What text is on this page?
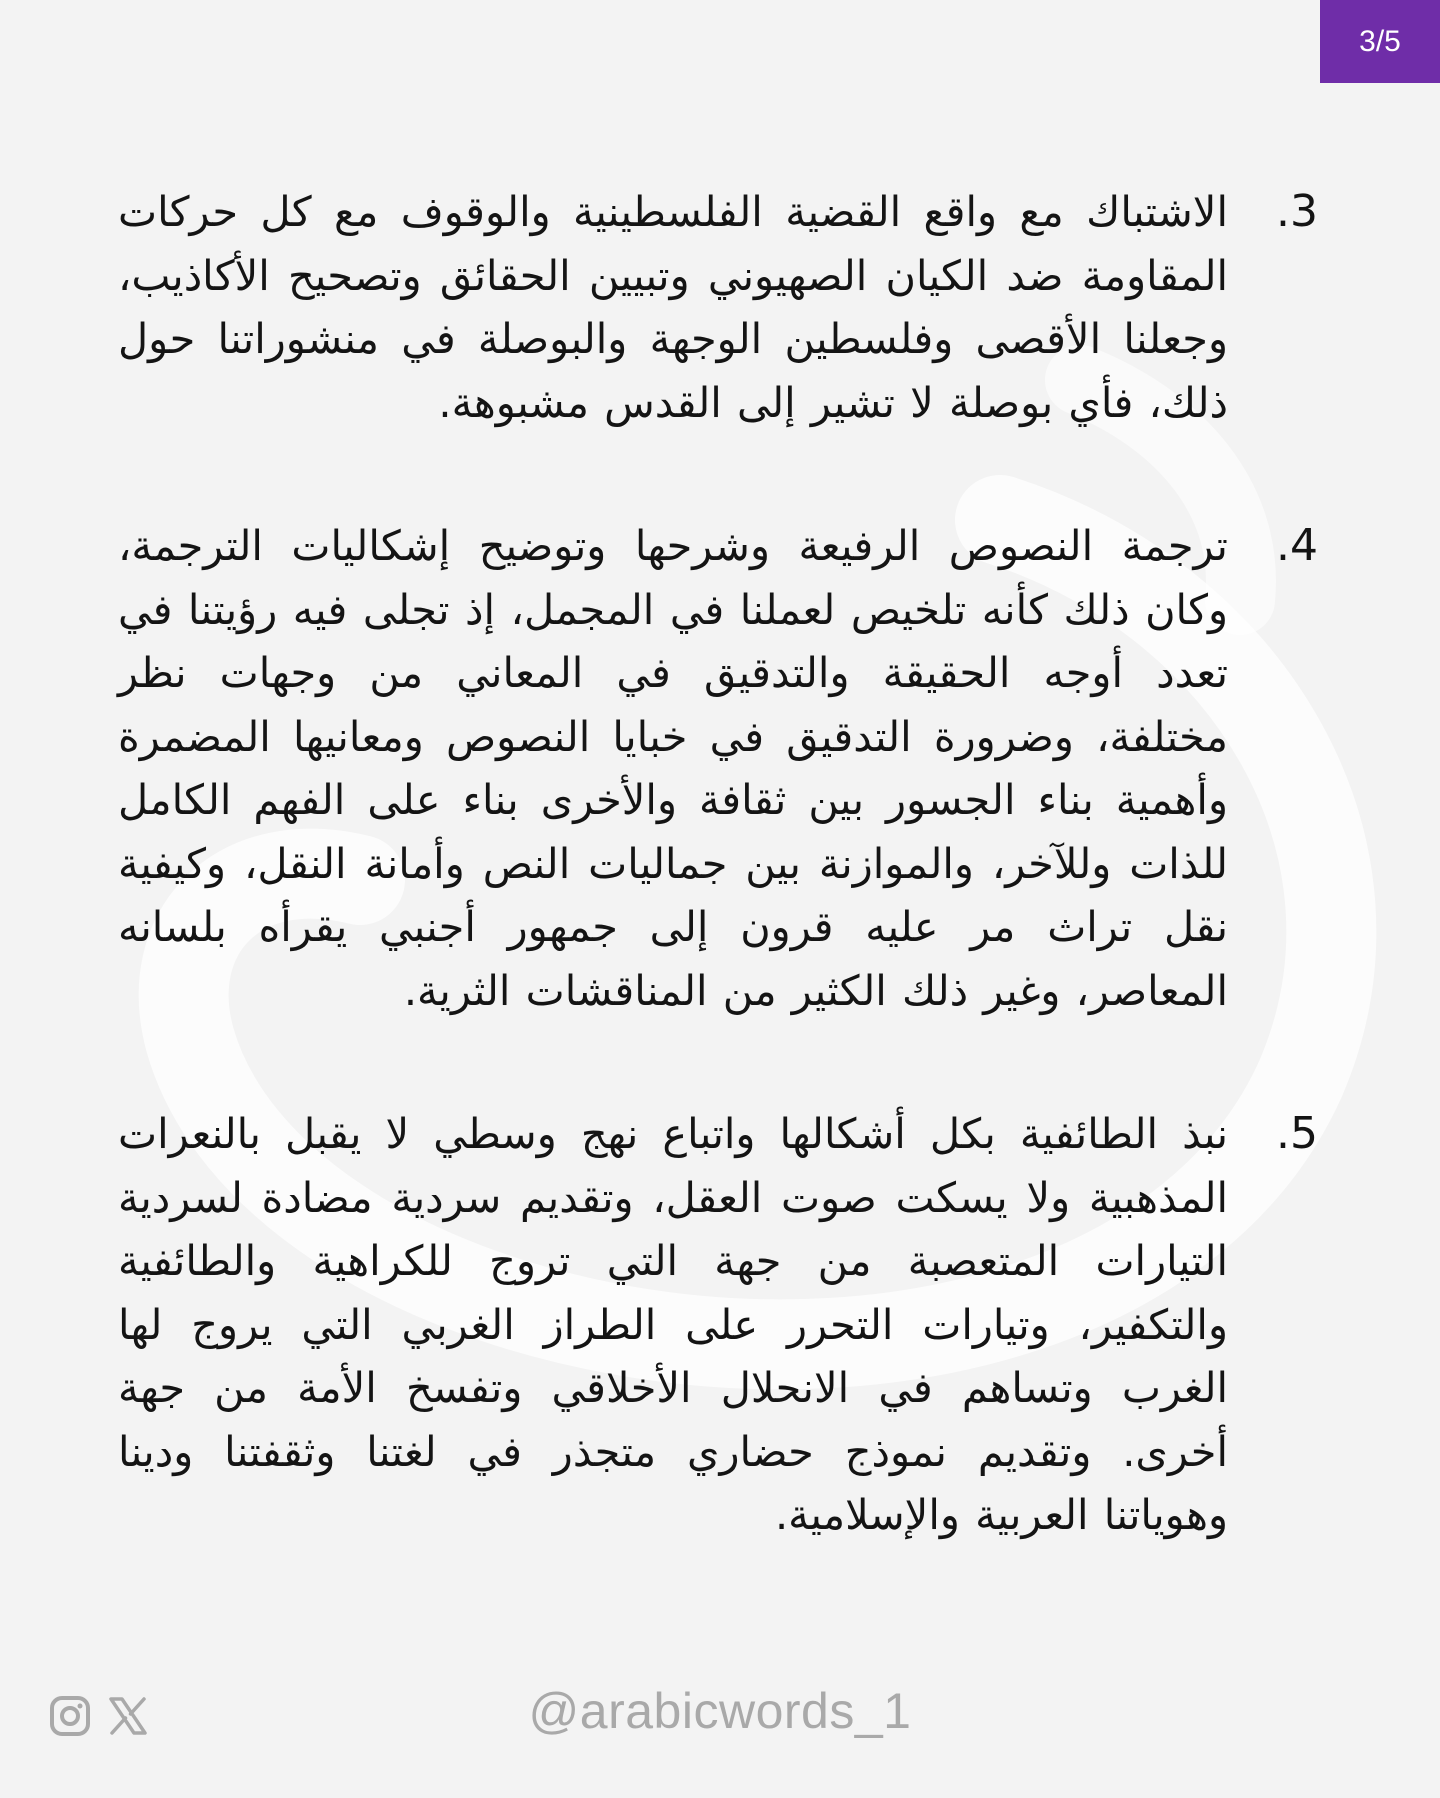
3/5
الاشتباك مع واقع القضية الفلسطينية والوقوف مع كل حركات المقاومة ضد الكيان الصهيوني وتبيين الحقائق وتصحيح الأكاذيب، وجعلنا الأقصى وفلسطين الوجهة والبوصلة في منشوراتنا حول ذلك، فأي بوصلة لا تشير إلى القدس مشبوهة.
.3
ترجمة النصوص الرفيعة وشرحها وتوضيح إشكاليات الترجمة، وكان ذلك كأنه تلخيص لعملنا في المجمل، إذ تجلى فيه رؤيتنا في تعدد أوجه الحقيقة والتدقيق في المعاني من وجهات نظر مختلفة، وضرورة التدقيق في خبايا النصوص ومعانيها المضمرة وأهمية بناء الجسور بين ثقافة والأخرى بناء على الفهم الكامل للذات وللآخر، والموازنة بين جماليات النص وأمانة النقل، وكيفية نقل تراث مر عليه قرون إلى جمهور أجنبي يقرأه بلسانه المعاصر، وغير ذلك الكثير من المناقشات الثرية.
.4
نبذ الطائفية بكل أشكالها واتباع نهج وسطي لا يقبل بالنعرات المذهبية ولا يسكت صوت العقل، وتقديم سردية مضادة لسردية التيارات المتعصبة من جهة التي تروج للكراهية والطائفية والتكفير، وتيارات التحرر على الطراز الغربي التي يروج لها الغرب وتساهم في الانحلال الأخلاقي وتفسخ الأمة من جهة أخرى. وتقديم نموذج حضاري متجذر في لغتنا وثقفتنا ودينا وهوياتنا العربية والإسلامية.
.5
@arabicwords_1
